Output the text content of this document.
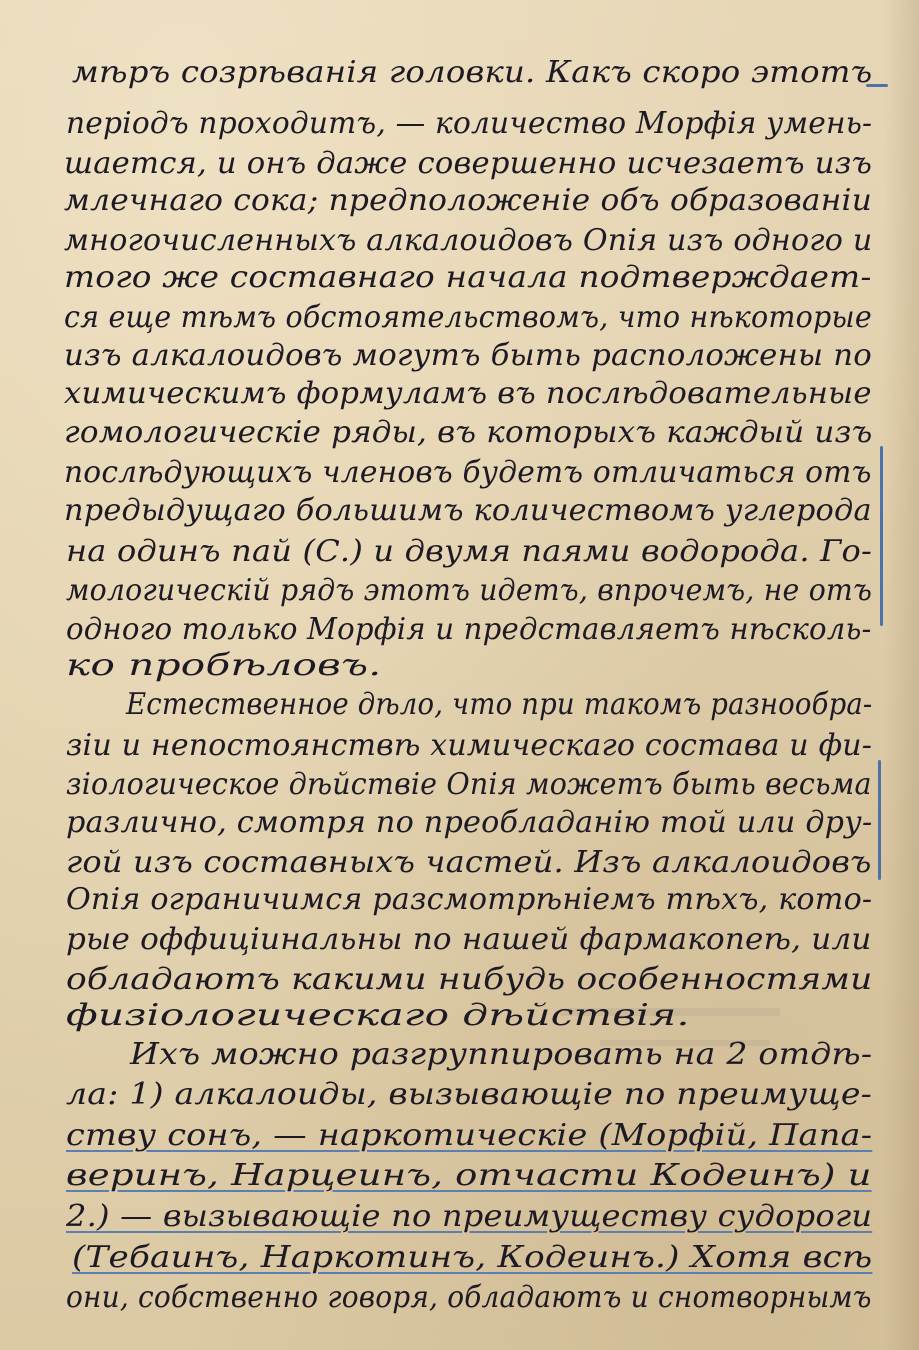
мѣръ созрѣванія головки. Какъ скоро этотъ
періодъ проходитъ, — количество Морфія умень-
шается, и онъ даже совершенно исчезаетъ изъ
млечнаго сока; предположеніе объ образованіи
многочисленныхъ алкалоидовъ Опія изъ одного и
того же составнаго начала подтверждает-
ся еще тѣмъ обстоятельствомъ, что нѣкоторые
изъ алкалоидовъ могутъ быть расположены по
химическимъ формуламъ въ послѣдовательные
гомологическіе ряды, въ которыхъ каждый изъ
послѣдующихъ членовъ будетъ отличаться отъ
предыдущаго большимъ количествомъ углерода
на одинъ пай (С.) и двумя паями водорода. Го-
мологическій рядъ этотъ идетъ, впрочемъ, не отъ
одного только Морфія и представляетъ нѣсколь-
ко пробѣловъ.
Естественное дѣло, что при такомъ разнообра-
зіи и непостоянствѣ химическаго состава и фи-
зіологическое дѣйствіе Опія можетъ быть весьма
различно, смотря по преобладанію той или дру-
гой изъ составныхъ частей. Изъ алкалоидовъ
Опія ограничимся разсмотрѣніемъ тѣхъ, кото-
рые оффиціинальны по нашей фармакопеѣ, или
обладаютъ какими нибудь особенностями
физіологическаго дѣйствія.
Ихъ можно разгруппировать на 2 отдѣ-
ла: 1) алкалоиды, вызывающіе по преимуще-
ству сонъ, — наркотическіе (Морфій, Папа-
веринъ, Нарцеинъ, отчасти Кодеинъ) и
2.) — вызывающіе по преимуществу судороги
(Тебаинъ, Наркотинъ, Кодеинъ.) Хотя всѣ
они, собственно говоря, обладаютъ и снотворнымъ
